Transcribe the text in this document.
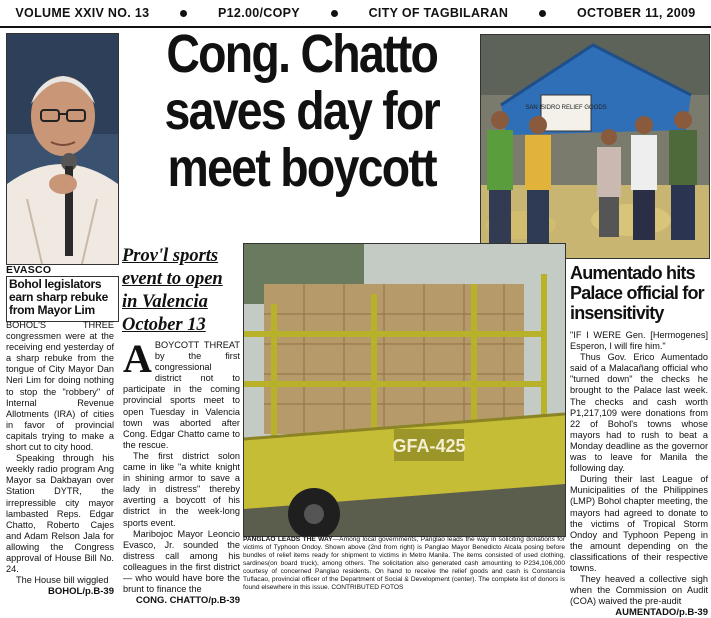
VOLUME XXIV NO. 13	P12.00/COPY	CITY OF TAGBILARAN	OCTOBER 11, 2009
EVASCO
Bohol legislators earn sharp rebuke from Mayor Lim
BOHOL'S THREE congressmen were at the receiving end yesterday of a sharp rebuke from the tongue of City Mayor Dan Neri Lim for doing nothing to stop the "robbery" of Internal Revenue Allotments (IRA) of cities in favor of provincial capitals trying to make a short cut to city hood.
Speaking through his weekly radio program Ang Mayor sa Dakbayan over Station DYTR, the irrepressible city mayor lambasted Reps. Edgar Chatto, Roberto Cajes and Adam Relson Jala for allowing the Congress approval of House Bill No. 24.
The House bill wiggled
BOHOL/p.B-39
Cong. Chatto
saves day for
meet boycott
SAN ISIDRO RELIEF GOODS
Prov'l sports event to open in Valencia October 13
ABOYCOTT THREAT by the first congressional district not to participate in the coming provincial sports meet to open Tuesday in Valencia town was aborted after Cong. Edgar Chatto came to the rescue.
The first district solon came in like "a white knight in shining armor to save a lady in distress" thereby averting a boycott of his district in the week-long sports event.
Maribojoc Mayor Leoncio Evasco, Jr. sounded the distress call among his colleagues in the first district— who would have bore the brunt to finance the
CONG. CHATTO/p.B-39
GFA-425
PANGLAO LEADS THE WAY—Among local governments, Panglao leads the way in soliciting donations for victims of Typhoon Ondoy. Shown above (2nd from right) is Panglao Mayor Benedicto Alcala posing before bundles of relief items ready for shipment to victims in Metro Manila. The items consisted of used clothing, sardines(on board truck), among others. The solicitation also generated cash amounting to P234,106,000 courtesy of concerned Panglao residents. On hand to receive the relief goods and cash is Constancia Tuflacao, provincial officer of the Department of Social & Development (center). The complete list of donors is found elsewhere in this issue. CONTRIBUTED FOTOS
Aumentado hits Palace official for insensitivity
"IF I WERE Gen. [Hermogenes] Esperon, I will fire him."
Thus Gov. Erico Aumentado said of a Malacañang official who "turned down" the checks he brought to the Palace last week. The checks and cash worth P1,217,109 were donations from 22 of Bohol's towns whose mayors had to rush to beat a Monday deadline as the governor was to leave for Manila the following day.
During their last League of Municipalities of the Philippines (LMP) Bohol chapter meeting, the mayors had agreed to donate to the victims of Tropical Storm Ondoy and Typhoon Pepeng in the amount depending on the classifications of their respective towns.
They heaved a collective sigh when the Commission on Audit (COA) waived the pre-audit
AUMENTADO/p.B-39
